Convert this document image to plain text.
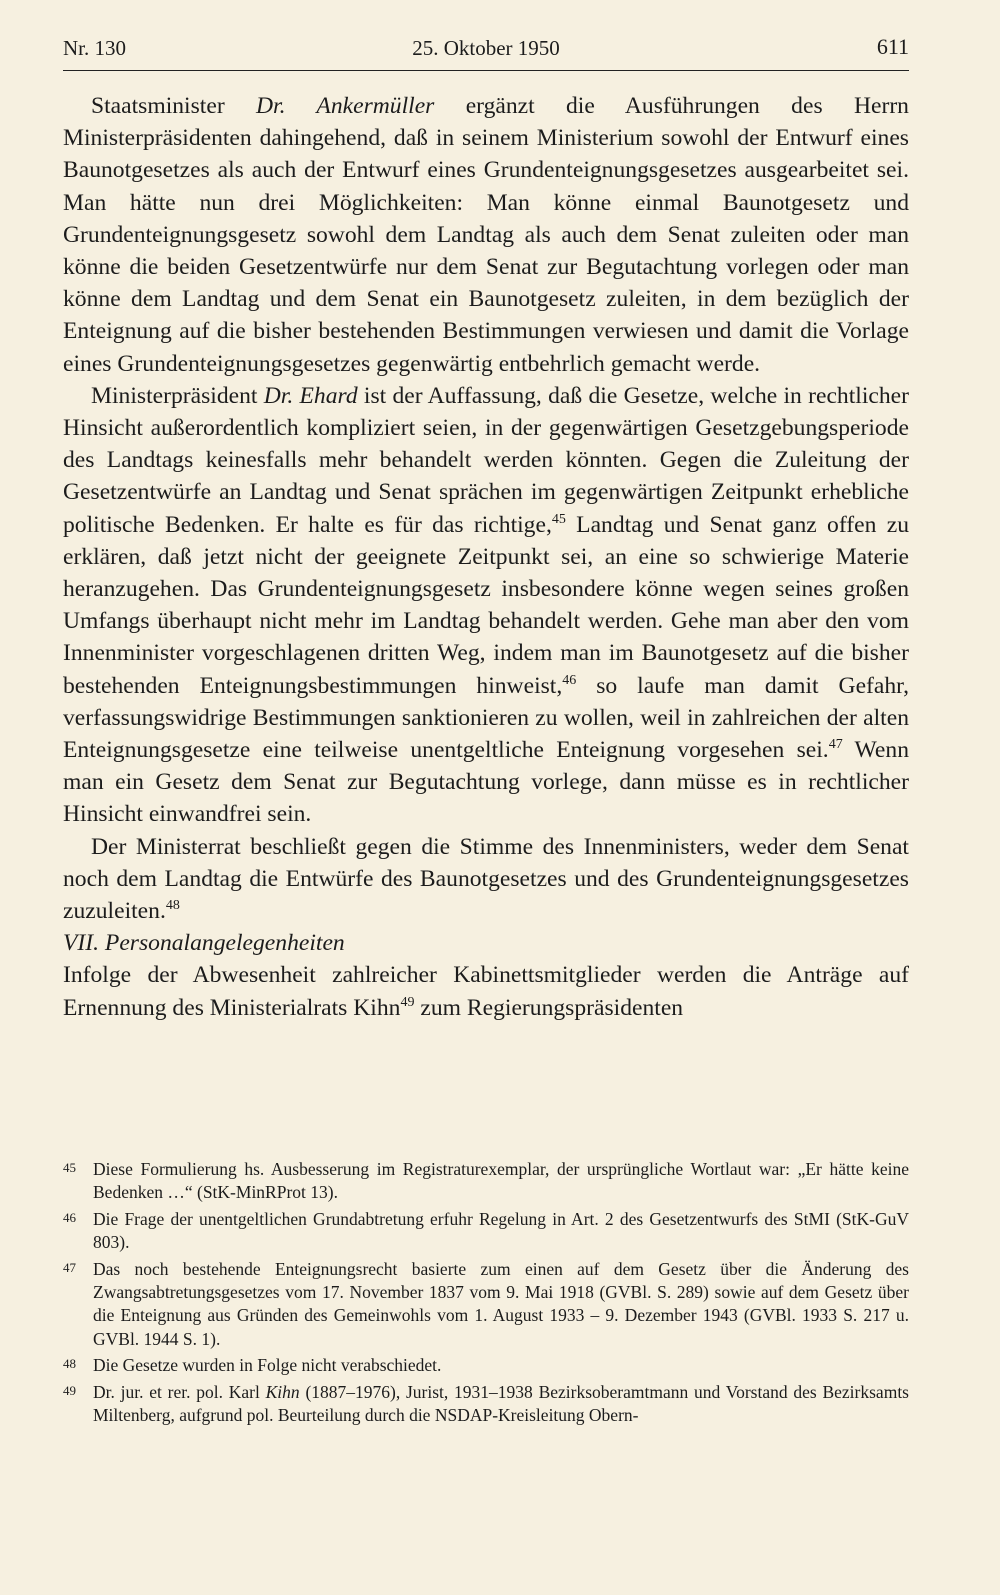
Nr. 130	25. Oktober 1950	611

Staatsminister Dr. Ankermüller ergänzt die Ausführungen des Herrn Ministerpräsidenten dahingehend, daß in seinem Ministerium sowohl der Entwurf eines Baunotgesetzes als auch der Entwurf eines Grundenteignungsgesetzes ausgearbeitet sei. Man hätte nun drei Möglichkeiten: Man könne einmal Baunotgesetz und Grundenteignungsgesetz sowohl dem Landtag als auch dem Senat zuleiten oder man könne die beiden Gesetzentwürfe nur dem Senat zur Begutachtung vorlegen oder man könne dem Landtag und dem Senat ein Baunotgesetz zuleiten, in dem bezüglich der Enteignung auf die bisher bestehenden Bestimmungen verwiesen und damit die Vorlage eines Grundenteignungsgesetzes gegenwärtig entbehrlich gemacht werde.

Ministerpräsident Dr. Ehard ist der Auffassung, daß die Gesetze, welche in rechtlicher Hinsicht außerordentlich kompliziert seien, in der gegenwärtigen Gesetzgebungsperiode des Landtags keinesfalls mehr behandelt werden könnten. Gegen die Zuleitung der Gesetzentwürfe an Landtag und Senat sprächen im gegenwärtigen Zeitpunkt erhebliche politische Bedenken. Er halte es für das richtige,$^{45}$ Landtag und Senat ganz offen zu erklären, daß jetzt nicht der geeignete Zeitpunkt sei, an eine so schwierige Materie heranzugehen. Das Grundenteignungsgesetz insbesondere könne wegen seines großen Umfangs überhaupt nicht mehr im Landtag behandelt werden. Gehe man aber den vom Innenminister vorgeschlagenen dritten Weg, indem man im Baunotgesetz auf die bisher bestehenden Enteignungsbestimmungen hinweist,$^{46}$ so laufe man damit Gefahr, verfassungswidrige Bestimmungen sanktionieren zu wollen, weil in zahlreichen der alten Enteignungsgesetze eine teilweise unentgeltliche Enteignung vorgesehen sei.$^{47}$ Wenn man ein Gesetz dem Senat zur Begutachtung vorlege, dann müsse es in rechtlicher Hinsicht einwandfrei sein.

Der Ministerrat beschließt gegen die Stimme des Innenministers, weder dem Senat noch dem Landtag die Entwürfe des Baunotgesetzes und des Grundenteignungsgesetzes zuzuleiten.$^{48}$

VII. Personalangelegenheiten

Infolge der Abwesenheit zahlreicher Kabinettsmitglieder werden die Anträge auf Ernennung des Ministerialrats Kihn$^{49}$ zum Regierungspräsidenten

45 Diese Formulierung hs. Ausbesserung im Registraturexemplar, der ursprüngliche Wortlaut war: „Er hätte keine Bedenken …“ (StK-MinRProt 13).
46 Die Frage der unentgeltlichen Grundabtretung erfuhr Regelung in Art. 2 des Gesetzentwurfs des StMI (StK-GuV 803).
47 Das noch bestehende Enteignungsrecht basierte zum einen auf dem Gesetz über die Änderung des Zwangsabtretungsgesetzes vom 17. November 1837 vom 9. Mai 1918 (GVBl. S. 289) sowie auf dem Gesetz über die Enteignung aus Gründen des Gemeinwohls vom 1. August 1933 – 9. Dezember 1943 (GVBl. 1933 S. 217 u. GVBl. 1944 S. 1).
48 Die Gesetze wurden in Folge nicht verabschiedet.
49 Dr. jur. et rer. pol. Karl Kihn (1887–1976), Jurist, 1931–1938 Bezirksoberamtmann und Vorstand des Bezirksamts Miltenberg, aufgrund pol. Beurteilung durch die NSDAP-Kreisleitung Obern-
